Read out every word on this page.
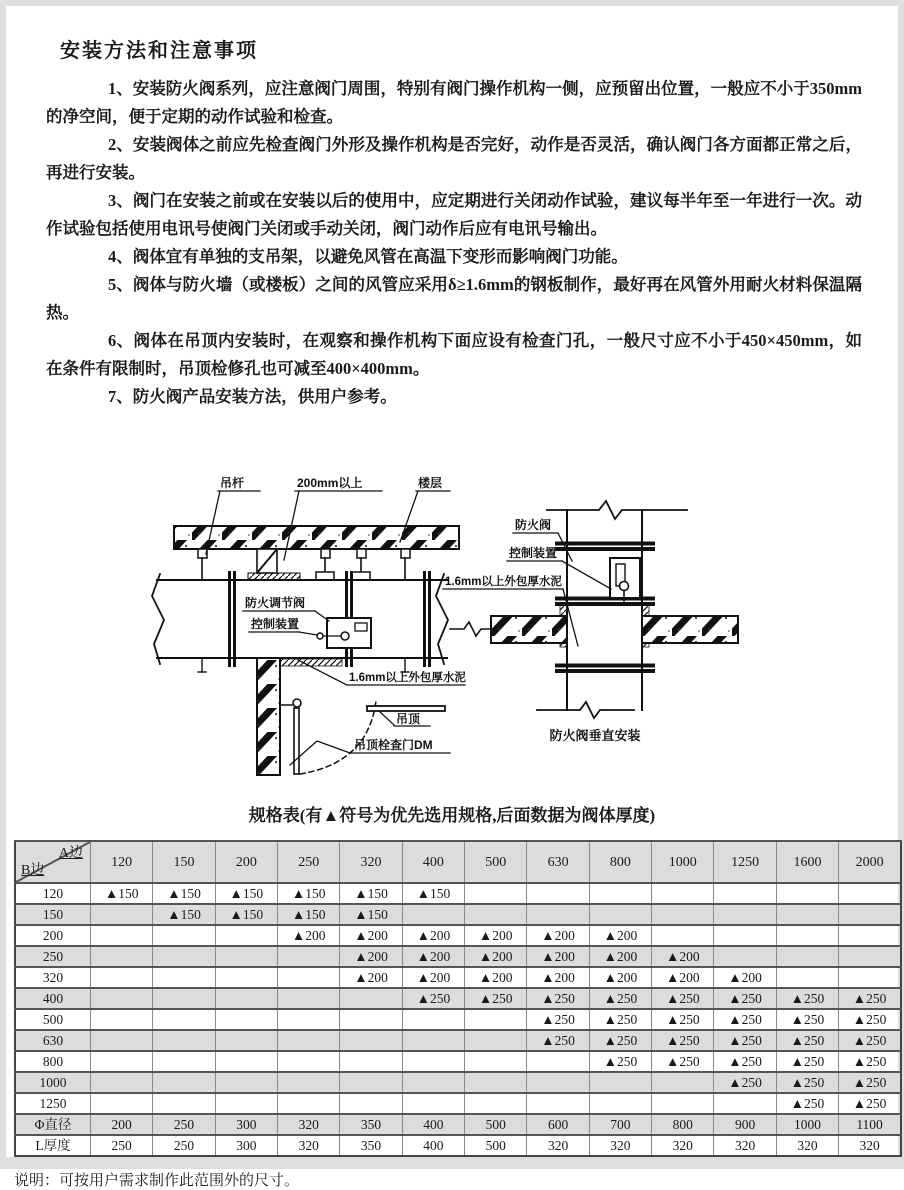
安装方法和注意事项

1、安装防火阀系列，应注意阀门周围，特别有阀门操作机构一侧，应预留出位置，一般应不小于350mm的净空间，便于定期的动作试验和检查。

2、安装阀体之前应先检查阀门外形及操作机构是否完好，动作是否灵活，确认阀门各方面都正常之后，再进行安装。

3、阀门在安装之前或在安装以后的使用中，应定期进行关闭动作试验，建议每半年至一年进行一次。动作试验包括使用电讯号使阀门关闭或手动关闭，阀门动作后应有电讯号输出。

4、阀体宜有单独的支吊架，以避免风管在高温下变形而影响阀门功能。

5、阀体与防火墙（或楼板）之间的风管应采用δ≥1.6mm的钢板制作，最好再在风管外用耐火材料保温隔热。

6、阀体在吊顶内安装时，在观察和操作机构下面应设有检查门孔，一般尺寸应不小于450×450mm，如在条件有限制时，吊顶检修孔也可减至400×400mm。

7、防火阀产品安装方法，供用户参考。

吊杆	200mm以上	楼层
防火调节阀
控制装置
1.6mm以上外包厚水泥
吊顶
吊顶栓查门DM
防火阀
控制装置
1.6mm以上外包厚水泥
防火阀垂直安装
规格表(有▲符号为优先选用规格,后面数据为阀体厚度)
A边
B边	120	150	200	250	320	400	500	630	800	1000	1250	1600	2000
120	▲150	▲150	▲150	▲150	▲150	▲150							
150		▲150	▲150	▲150	▲150								
200				▲200	▲200	▲200	▲200	▲200	▲200				
250					▲200	▲200	▲200	▲200	▲200	▲200			
320					▲200	▲200	▲200	▲200	▲200	▲200	▲200		
400						▲250	▲250	▲250	▲250	▲250	▲250	▲250	▲250
500								▲250	▲250	▲250	▲250	▲250	▲250
630								▲250	▲250	▲250	▲250	▲250	▲250
800									▲250	▲250	▲250	▲250	▲250
1000											▲250	▲250	▲250
1250												▲250	▲250
Φ直径	200	250	300	320	350	400	500	600	700	800	900	1000	1100
L厚度	250	250	300	320	350	400	500	320	320	320	320	320	320
说明：可按用户需求制作此范围外的尺寸。
